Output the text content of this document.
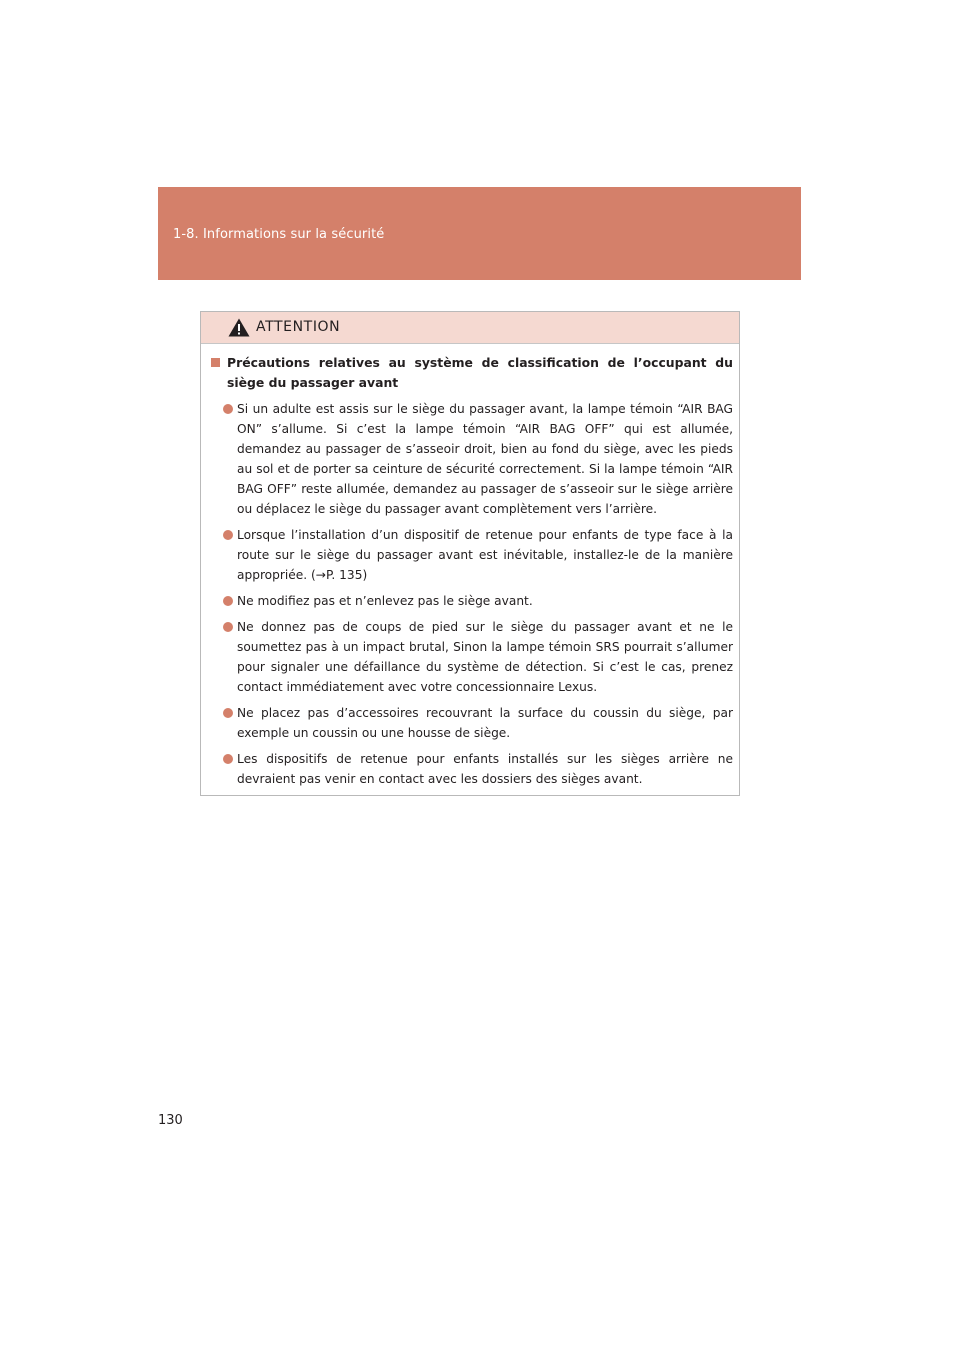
1-8. Informations sur la sécurité
ATTENTION
Précautions relatives au système de classification de l’occupant du siège du passager avant
Si un adulte est assis sur le siège du passager avant, la lampe témoin “AIR BAG ON” s’allume. Si c’est la lampe témoin “AIR BAG OFF” qui est allumée, demandez au passager de s’asseoir droit, bien au fond du siège, avec les pieds au sol et de porter sa ceinture de sécurité correctement. Si la lampe témoin “AIR BAG OFF” reste allumée, demandez au passager de s’asseoir sur le siège arrière ou déplacez le siège du passager avant complètement vers l’arrière.
Lorsque l’installation d’un dispositif de retenue pour enfants de type face à la route sur le siège du passager avant est inévitable, installez-le de la manière appropriée. (→P. 135)
Ne modifiez pas et n’enlevez pas le siège avant.
Ne donnez pas de coups de pied sur le siège du passager avant et ne le soumettez pas à un impact brutal, Sinon la lampe témoin SRS pourrait s’allumer pour signaler une défaillance du système de détection. Si c’est le cas, prenez contact immédiatement avec votre concessionnaire Lexus.
Ne placez pas d’accessoires recouvrant la surface du coussin du siège, par exemple un coussin ou une housse de siège.
Les dispositifs de retenue pour enfants installés sur les sièges arrière ne devraient pas venir en contact avec les dossiers des sièges avant.
130
